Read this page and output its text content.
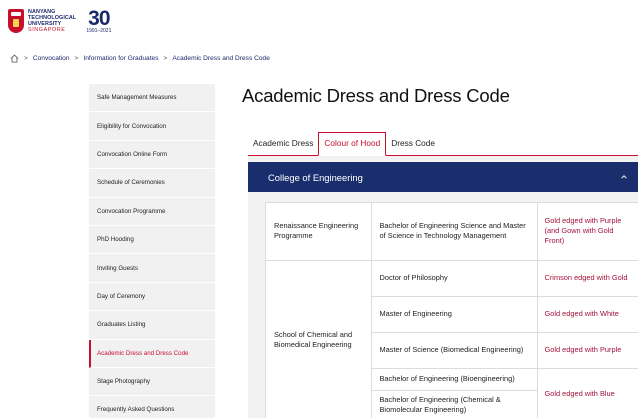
NANYANG
TECHNOLOGICAL
UNIVERSITY
SINGAPORE
30
1991–2021
> Convocation > Information for Graduates > Academic Dress and Dress Code
Safe Management Measures
Eligibility for Convocation
Convocation Online Form
Schedule of Ceremonies
Convocation Programme
PhD Hooding
Inviting Guests
Day of Ceremony
Graduates Listing
Academic Dress and Dress Code
Stage Photography
Frequently Asked Questions
Academic Dress and Dress Code
Academic Dress	Colour of Hood	Dress Code
College of Engineering
Renaissance Engineering Programme	Bachelor of Engineering Science and Master of Science in Technology Management	Gold edged with Purple (and Gown with Gold Front)
School of Chemical and Biomedical Engineering	Doctor of Philosophy	Crimson edged with Gold
	Master of Engineering	Gold edged with White
	Master of Science (Biomedical Engineering)	Gold edged with Purple
	Bachelor of Engineering (Bioengineering)	Gold edged with Blue
	Bachelor of Engineering (Chemical & Biomolecular Engineering)	
